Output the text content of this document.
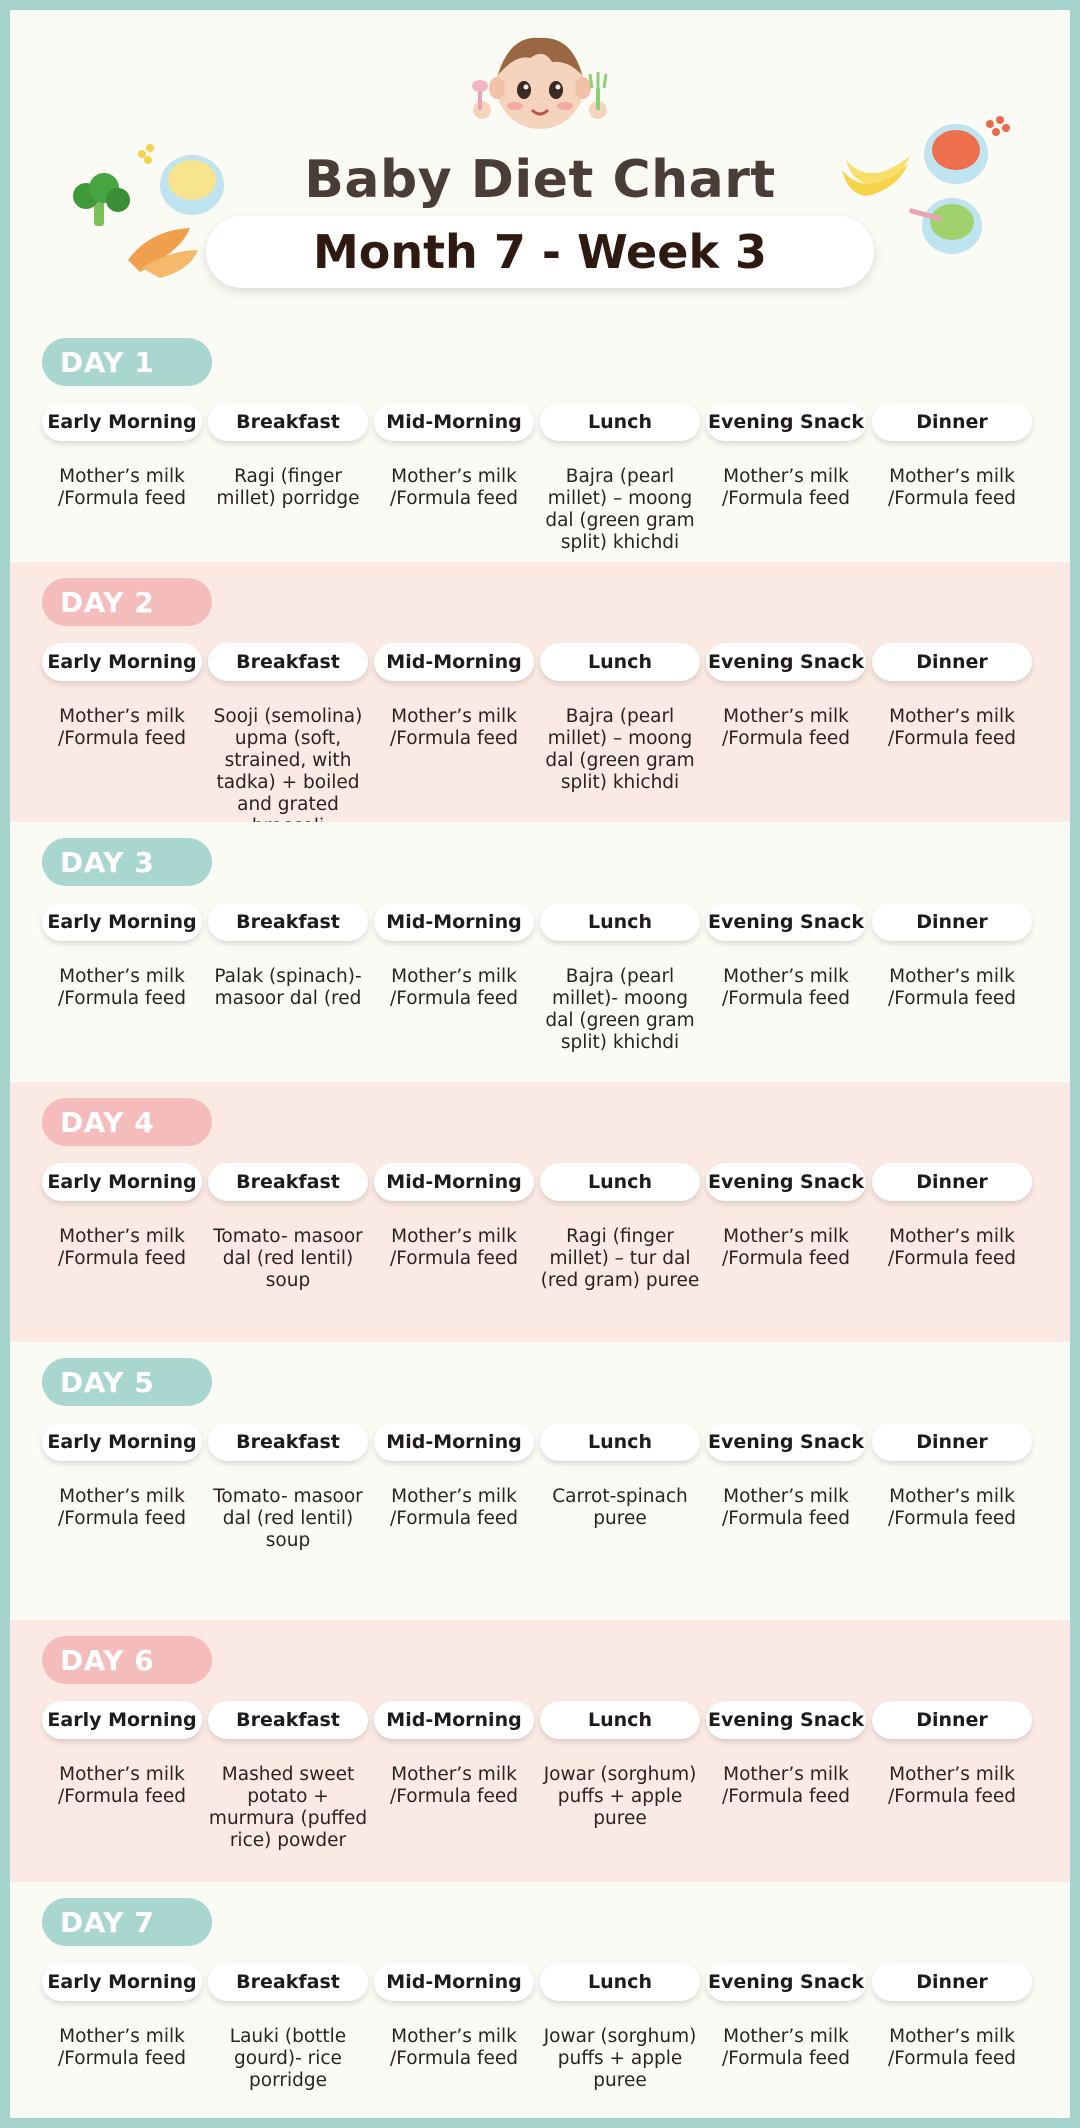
Baby Diet Chart
Month 7 - Week 3
DAY 1
Early Morning
Mother’s milk /Formula feed
Breakfast
Ragi (finger millet) porridge
Mid-Morning
Mother’s milk /Formula feed
Lunch
Bajra (pearl millet) – moong dal (green gram split) khichdi
Evening Snack
Mother’s milk /Formula feed
Dinner
Mother’s milk /Formula feed
DAY 2
Early Morning
Mother’s milk /Formula feed
Breakfast
Sooji (semolina) upma (soft, strained, with tadka) + boiled and grated
Mid-Morning
Mother’s milk /Formula feed
Lunch
Bajra (pearl millet) – moong dal (green gram split) khichdi
Evening Snack
Mother’s milk /Formula feed
Dinner
Mother’s milk /Formula feed
DAY 3
Early Morning
Mother’s milk /Formula feed
Breakfast
Palak (spinach)- masoor dal (red
Mid-Morning
Mother’s milk /Formula feed
Lunch
Bajra (pearl millet)- moong dal (green gram split) khichdi
Evening Snack
Mother’s milk /Formula feed
Dinner
Mother’s milk /Formula feed
DAY 4
Early Morning
Mother’s milk /Formula feed
Breakfast
Tomato- masoor dal (red lentil) soup
Mid-Morning
Mother’s milk /Formula feed
Lunch
Ragi (finger millet) – tur dal (red gram) puree
Evening Snack
Mother’s milk /Formula feed
Dinner
Mother’s milk /Formula feed
DAY 5
Early Morning
Mother’s milk /Formula feed
Breakfast
Tomato- masoor dal (red lentil) soup
Mid-Morning
Mother’s milk /Formula feed
Lunch
Carrot-spinach puree
Evening Snack
Mother’s milk /Formula feed
Dinner
Mother’s milk /Formula feed
DAY 6
Early Morning
Mother’s milk /Formula feed
Breakfast
Mashed sweet potato + murmura (puffed rice) powder
Mid-Morning
Mother’s milk /Formula feed
Lunch
Jowar (sorghum) puffs + apple puree
Evening Snack
Mother’s milk /Formula feed
Dinner
Mother’s milk /Formula feed
DAY 7
Early Morning
Mother’s milk /Formula feed
Breakfast
Lauki (bottle gourd)- rice porridge
Mid-Morning
Mother’s milk /Formula feed
Lunch
Jowar (sorghum) puffs + apple puree
Evening Snack
Mother’s milk /Formula feed
Dinner
Mother’s milk /Formula feed
